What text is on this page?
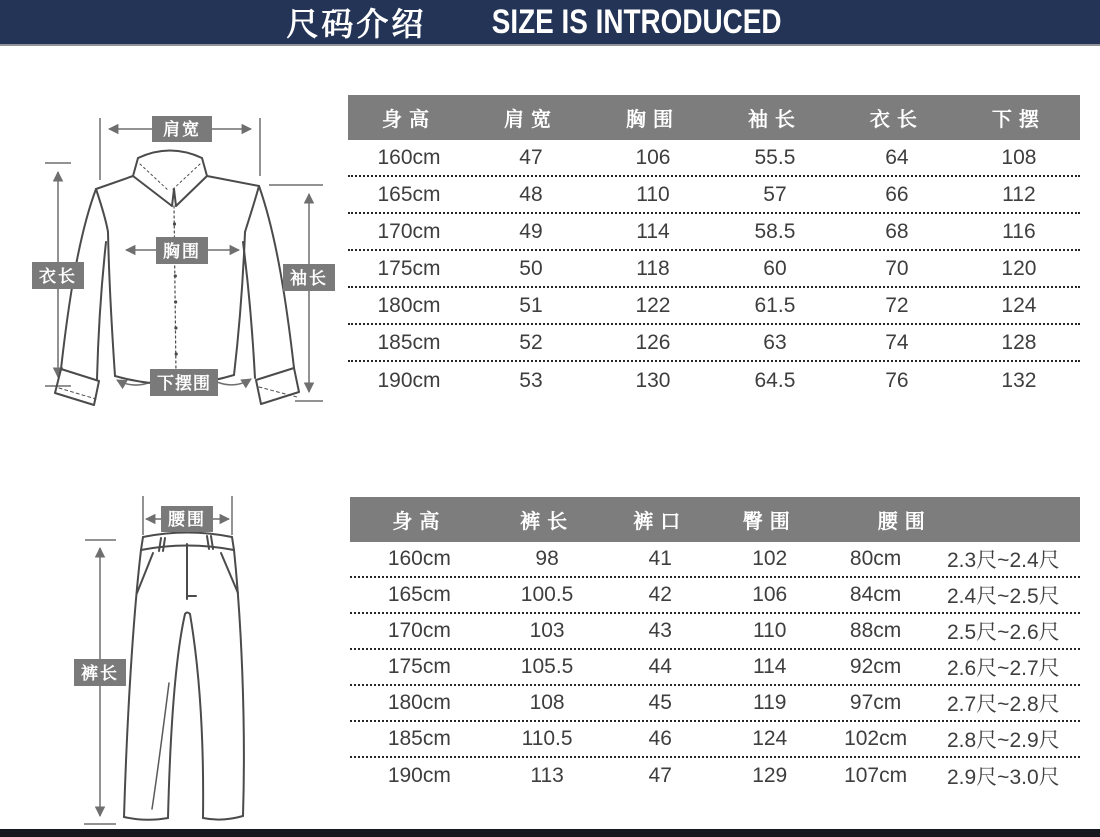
尺码介绍 SIZE IS INTRODUCED
肩宽
衣长	袖长
胸围
下摆围
身高	肩宽	胸围	袖长	衣长	下摆
160cm	47	106	55.5	64	108
165cm	48	110	57	66	112
170cm	49	114	58.5	68	116
175cm	50	118	60	70	120
180cm	51	122	61.5	72	124
185cm	52	126	63	74	128
190cm	53	130	64.5	76	132
腰围
裤长
身高	裤长	裤口	臀围	腰围
160cm	98	41	102	80cm	2.3尺~2.4尺
165cm	100.5	42	106	84cm	2.4尺~2.5尺
170cm	103	43	110	88cm	2.5尺~2.6尺
175cm	105.5	44	114	92cm	2.6尺~2.7尺
180cm	108	45	119	97cm	2.7尺~2.8尺
185cm	110.5	46	124	102cm	2.8尺~2.9尺
190cm	113	47	129	107cm	2.9尺~3.0尺
